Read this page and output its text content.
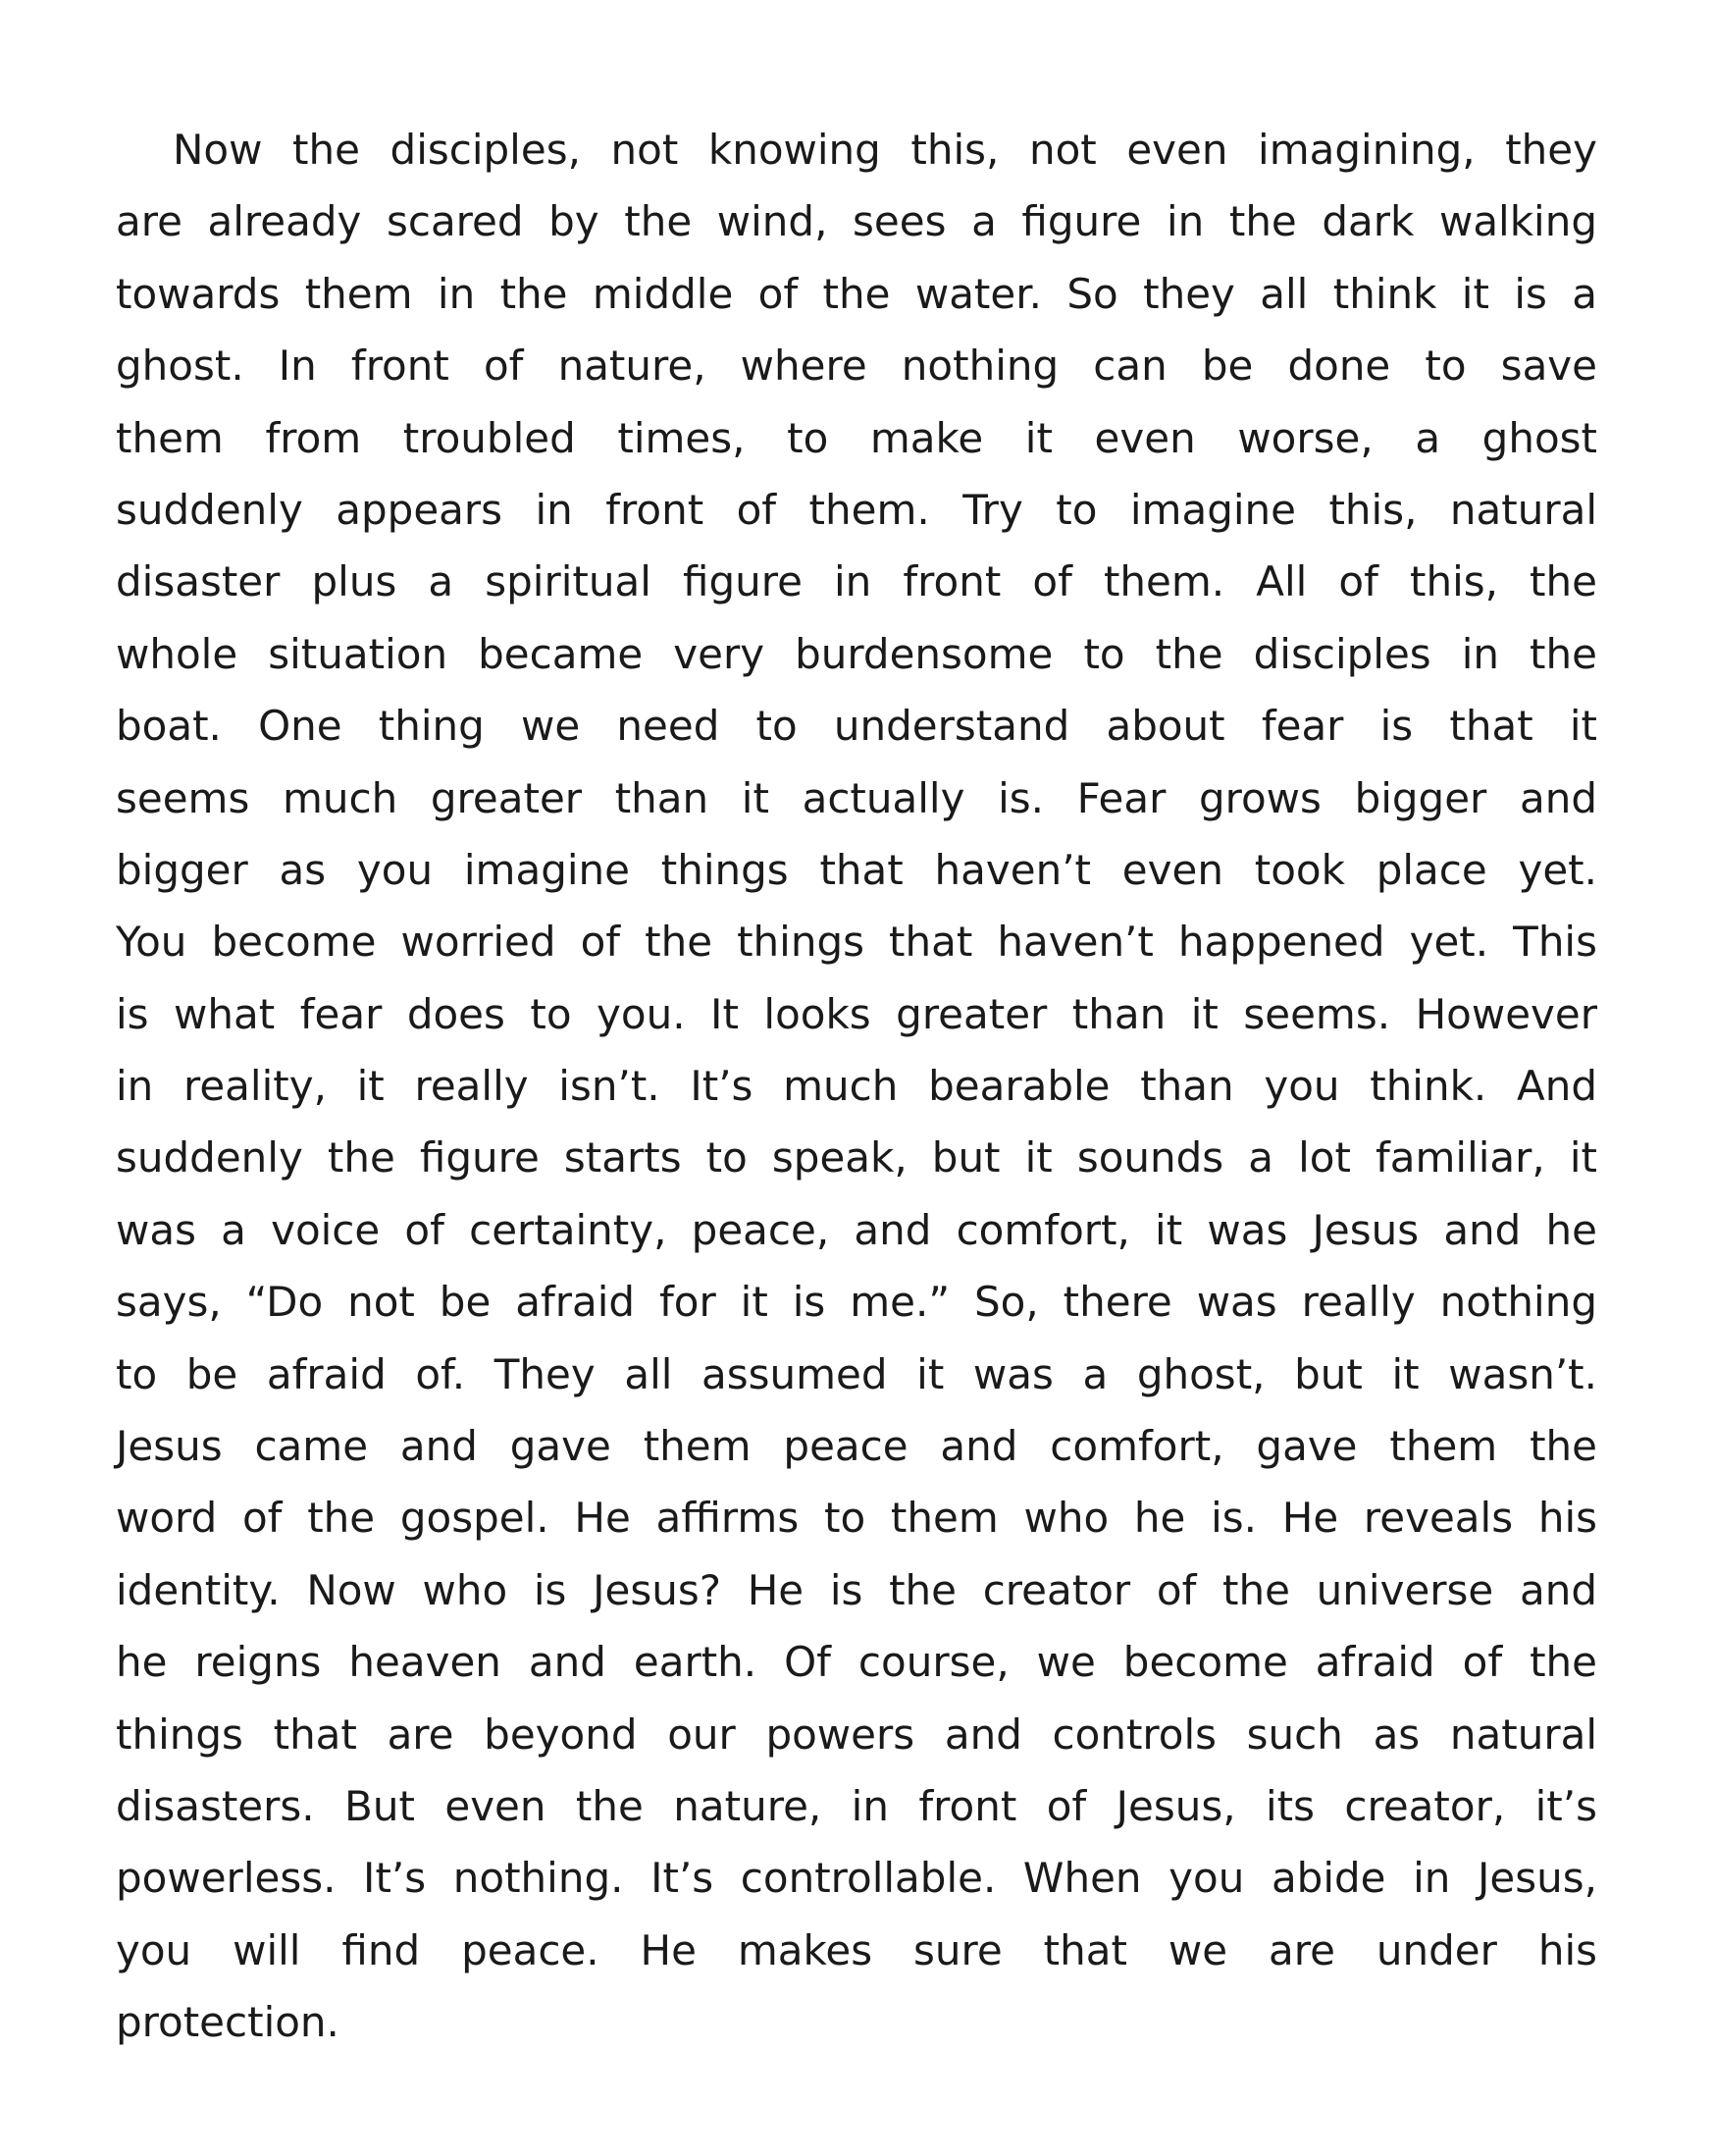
Now the disciples, not knowing this, not even imagining, they
are already scared by the wind, sees a figure in the dark walking
towards them in the middle of the water. So they all think it is a
ghost. In front of nature, where nothing can be done to save
them from troubled times, to make it even worse, a ghost
suddenly appears in front of them. Try to imagine this, natural
disaster plus a spiritual figure in front of them. All of this, the
whole situation became very burdensome to the disciples in the
boat. One thing we need to understand about fear is that it
seems much greater than it actually is. Fear grows bigger and
bigger as you imagine things that haven’t even took place yet.
You become worried of the things that haven’t happened yet. This
is what fear does to you. It looks greater than it seems. However
in reality, it really isn’t. It’s much bearable than you think. And
suddenly the figure starts to speak, but it sounds a lot familiar, it
was a voice of certainty, peace, and comfort, it was Jesus and he
says, “Do not be afraid for it is me.” So, there was really nothing
to be afraid of. They all assumed it was a ghost, but it wasn’t.
Jesus came and gave them peace and comfort, gave them the
word of the gospel. He affirms to them who he is. He reveals his
identity. Now who is Jesus? He is the creator of the universe and
he reigns heaven and earth. Of course, we become afraid of the
things that are beyond our powers and controls such as natural
disasters. But even the nature, in front of Jesus, its creator, it’s
powerless. It’s nothing. It’s controllable. When you abide in Jesus,
you will find peace. He makes sure that we are under his
protection.
